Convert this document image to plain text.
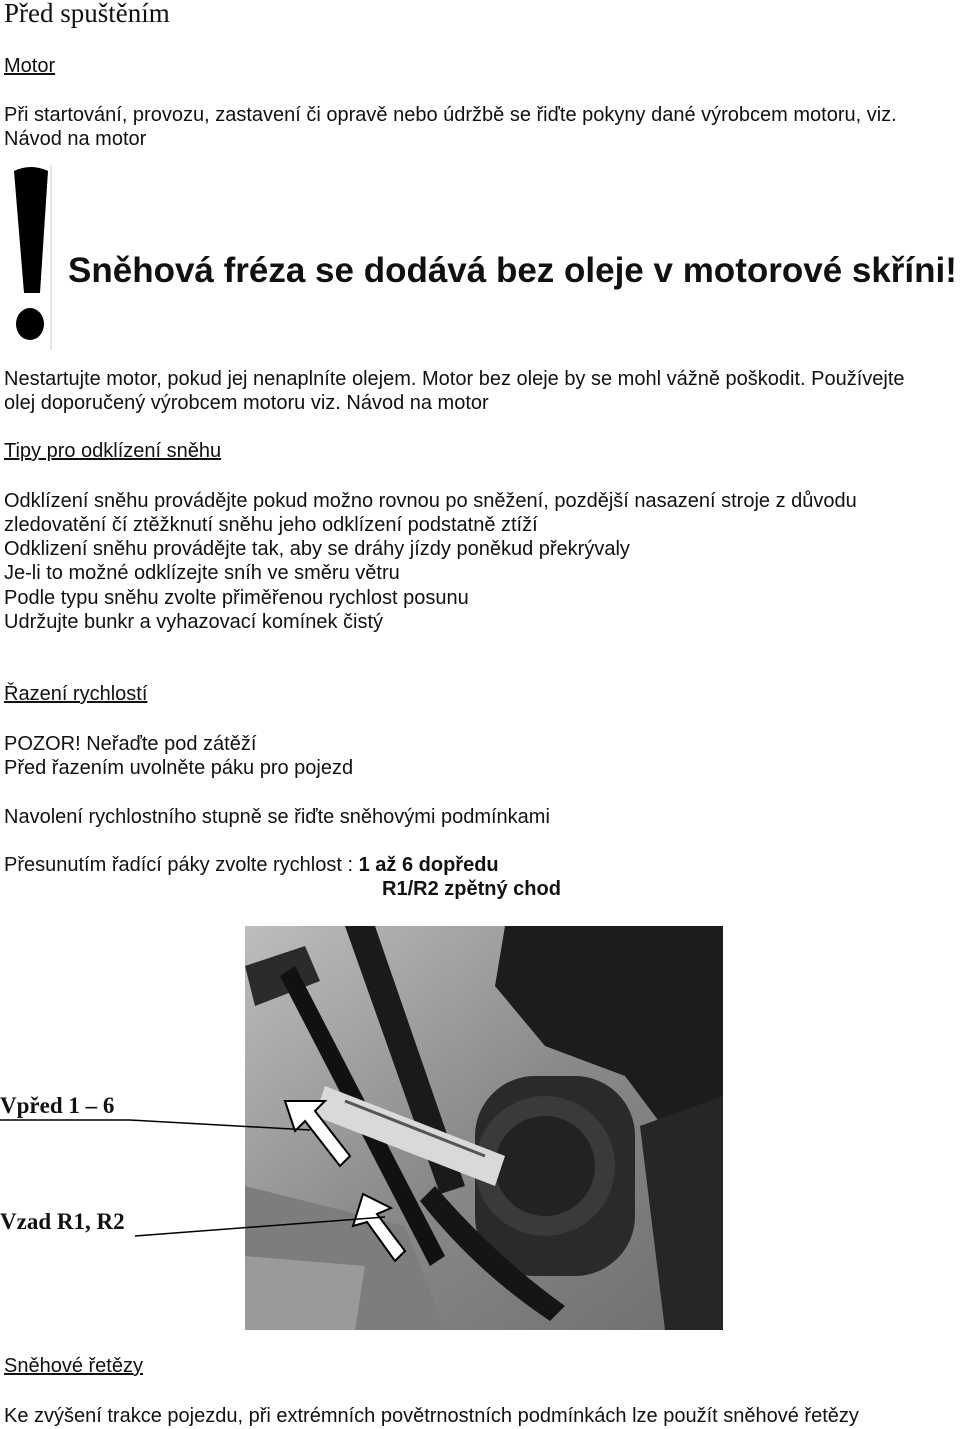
Před spuštěním
Motor
Při startování, provozu, zastavení či opravě nebo údržbě se řiďte pokyny dané výrobcem motoru, viz.
Návod na motor
Sněhová fréza se dodává bez oleje v motorové skříni!
Nestartujte motor, pokud jej nenaplníte olejem. Motor bez oleje by se mohl vážně poškodit. Používejte
olej doporučený výrobcem motoru viz. Návod na motor
Tipy pro odklízení sněhu
Odklízení sněhu provádějte pokud možno rovnou po sněžení, pozdější nasazení stroje z důvodu
zledovatění čí ztěžknutí sněhu jeho odklízení podstatně ztíží
Odklizení sněhu provádějte tak, aby se dráhy jízdy poněkud překrývaly
Je-li to možné odklízejte sníh ve směru větru
Podle typu sněhu zvolte přiměřenou rychlost posunu
Udržujte bunkr a vyhazovací komínek čistý
Řazení rychlostí
POZOR! Neřaďte pod zátěží
Před řazením uvolněte páku pro pojezd
Navolení rychlostního stupně se řiďte sněhovými podmínkami
Přesunutím řadící páky zvolte rychlost : 1 až 6 dopředu
R1/R2 zpětný chod
Vpřed 1 – 6
Vzad R1, R2
Sněhové řetězy
Ke zvýšení trakce pojezdu, při extrémních povětrnostních podmínkách lze použít sněhové řetězy
